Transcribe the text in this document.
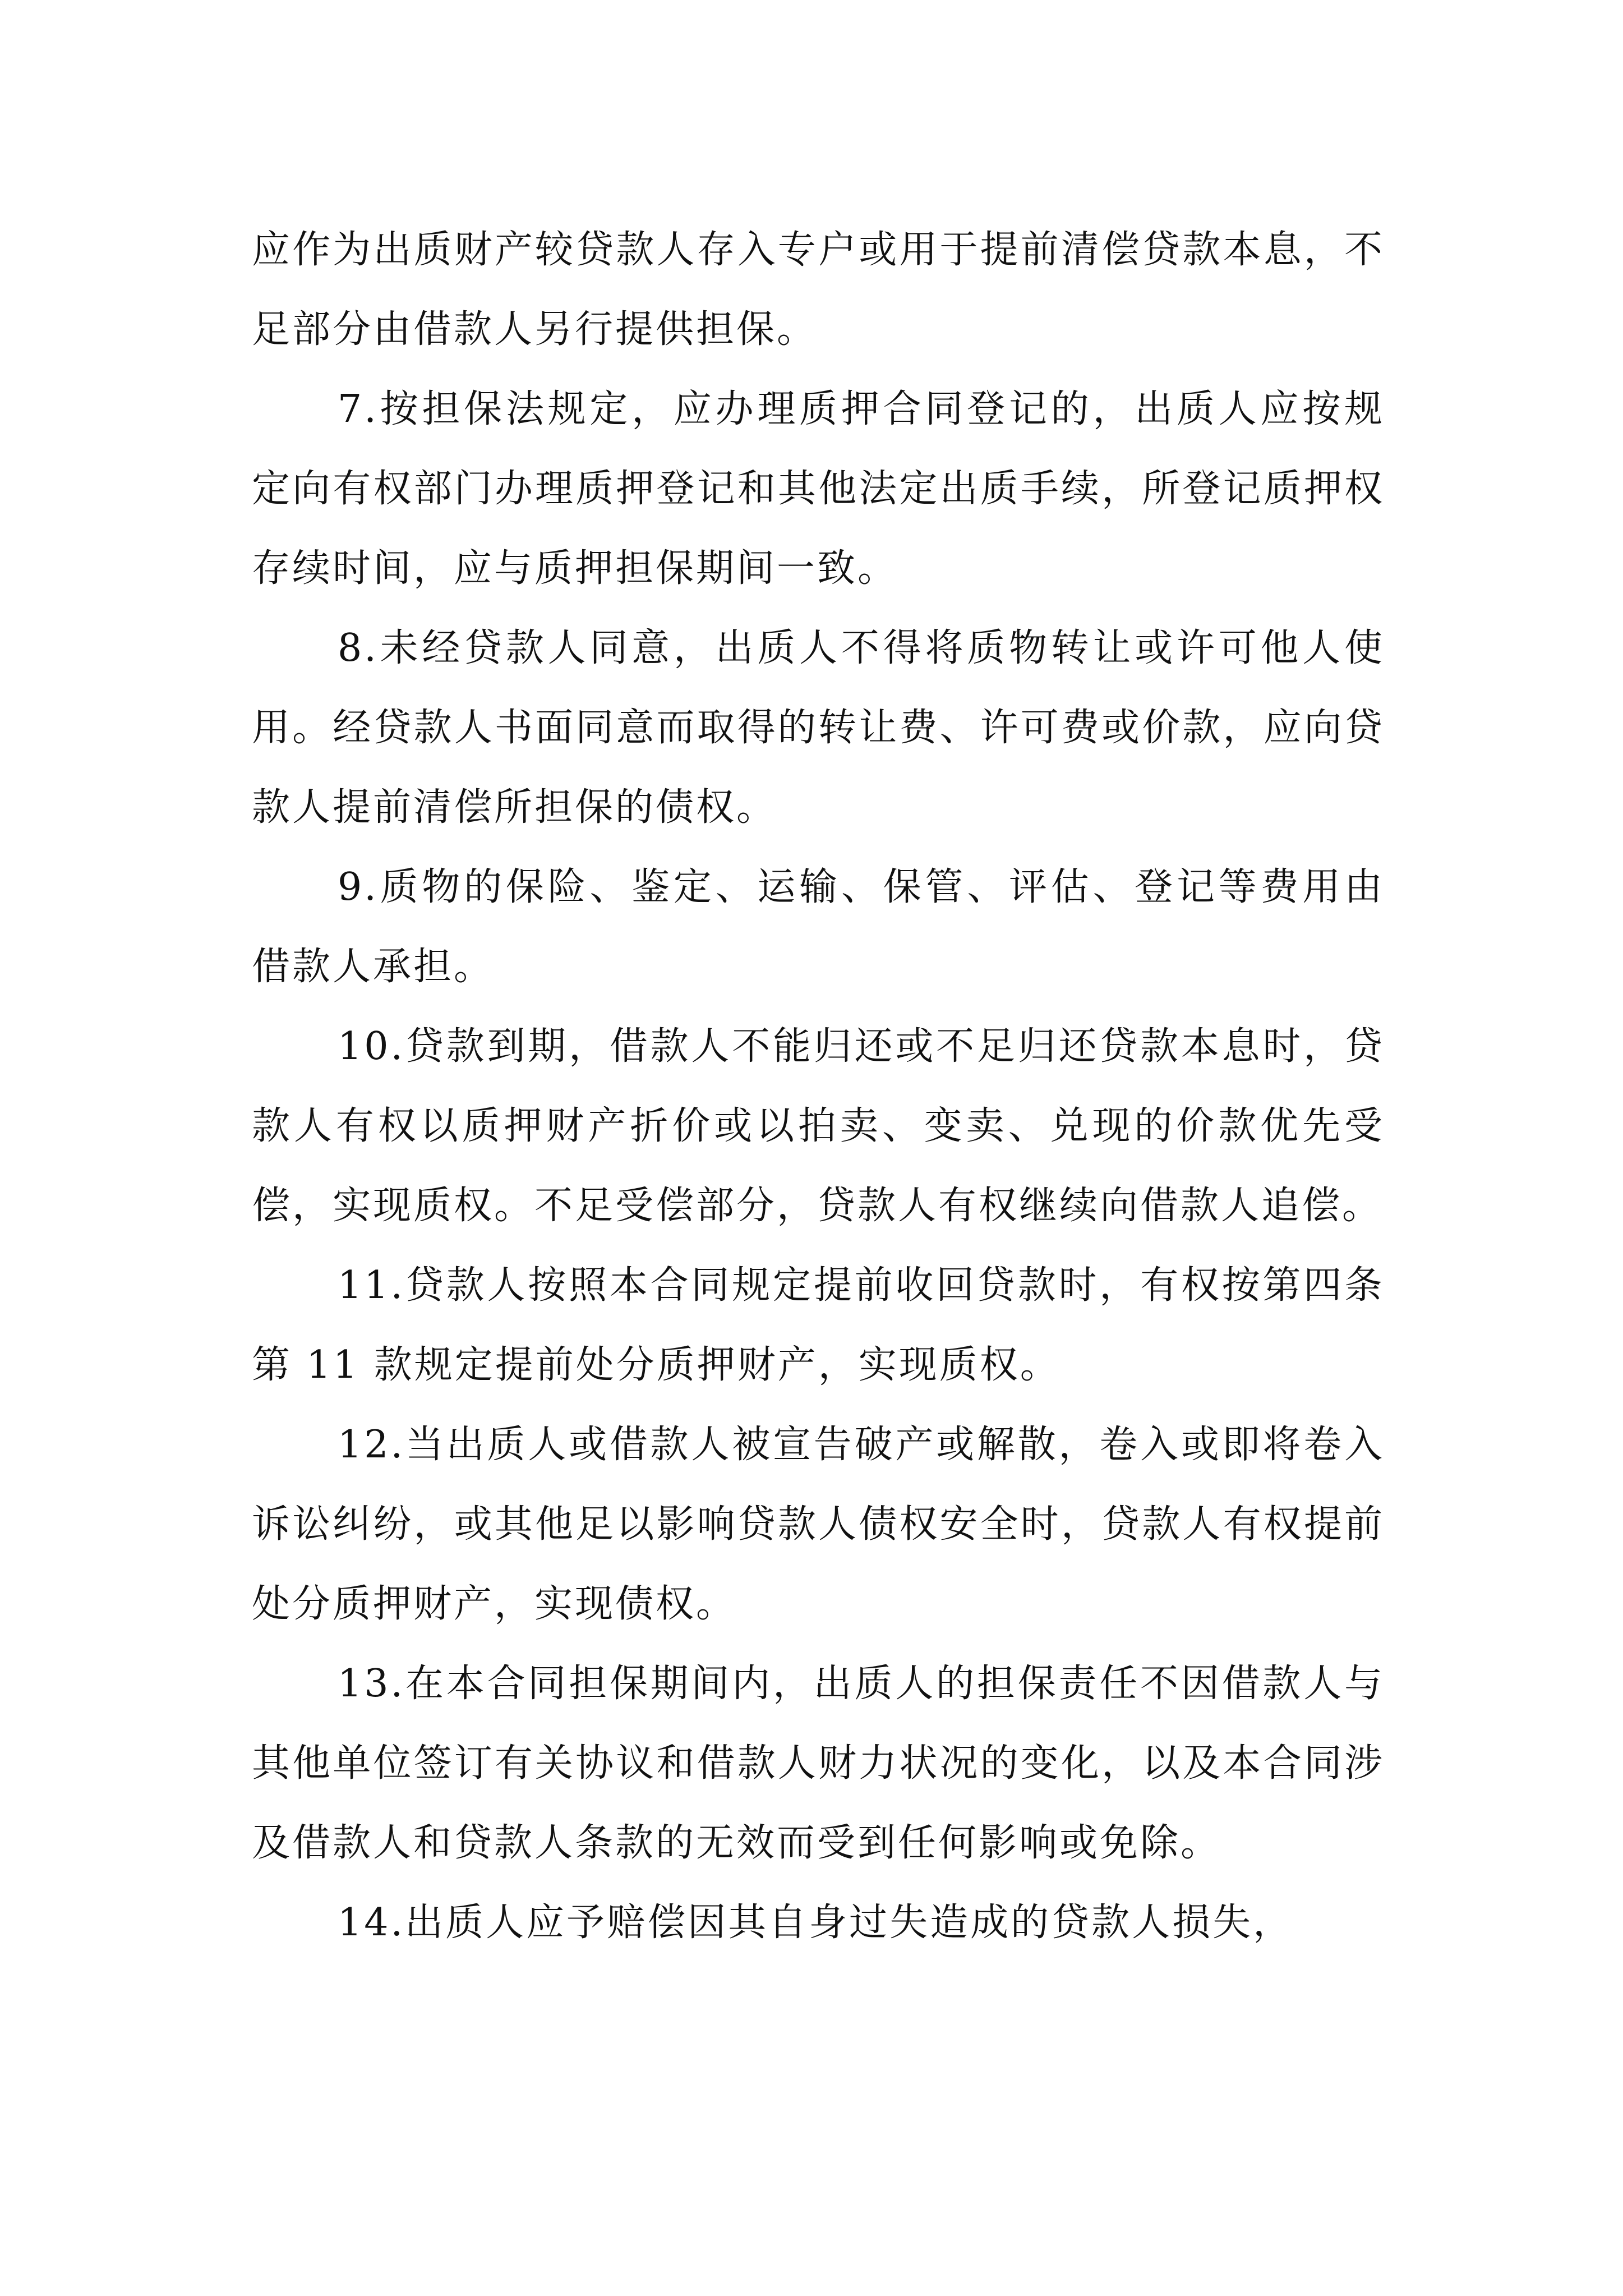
应作为出质财产较贷款人存入专户或用于提前清偿贷款本息，不足部分由借款人另行提供担保。

7.按担保法规定，应办理质押合同登记的，出质人应按规定向有权部门办理质押登记和其他法定出质手续，所登记质押权存续时间，应与质押担保期间一致。

8.未经贷款人同意，出质人不得将质物转让或许可他人使用。经贷款人书面同意而取得的转让费、许可费或价款，应向贷款人提前清偿所担保的债权。

9.质物的保险、鉴定、运输、保管、评估、登记等费用由借款人承担。

10.贷款到期，借款人不能归还或不足归还贷款本息时，贷款人有权以质押财产折价或以拍卖、变卖、兑现的价款优先受偿，实现质权。不足受偿部分，贷款人有权继续向借款人追偿。

11.贷款人按照本合同规定提前收回贷款时，有权按第四条第 11 款规定提前处分质押财产，实现质权。

12.当出质人或借款人被宣告破产或解散，卷入或即将卷入诉讼纠纷，或其他足以影响贷款人债权安全时，贷款人有权提前处分质押财产，实现债权。

13.在本合同担保期间内，出质人的担保责任不因借款人与其他单位签订有关协议和借款人财力状况的变化，以及本合同涉及借款人和贷款人条款的无效而受到任何影响或免除。

14.出质人应予赔偿因其自身过失造成的贷款人损失，
